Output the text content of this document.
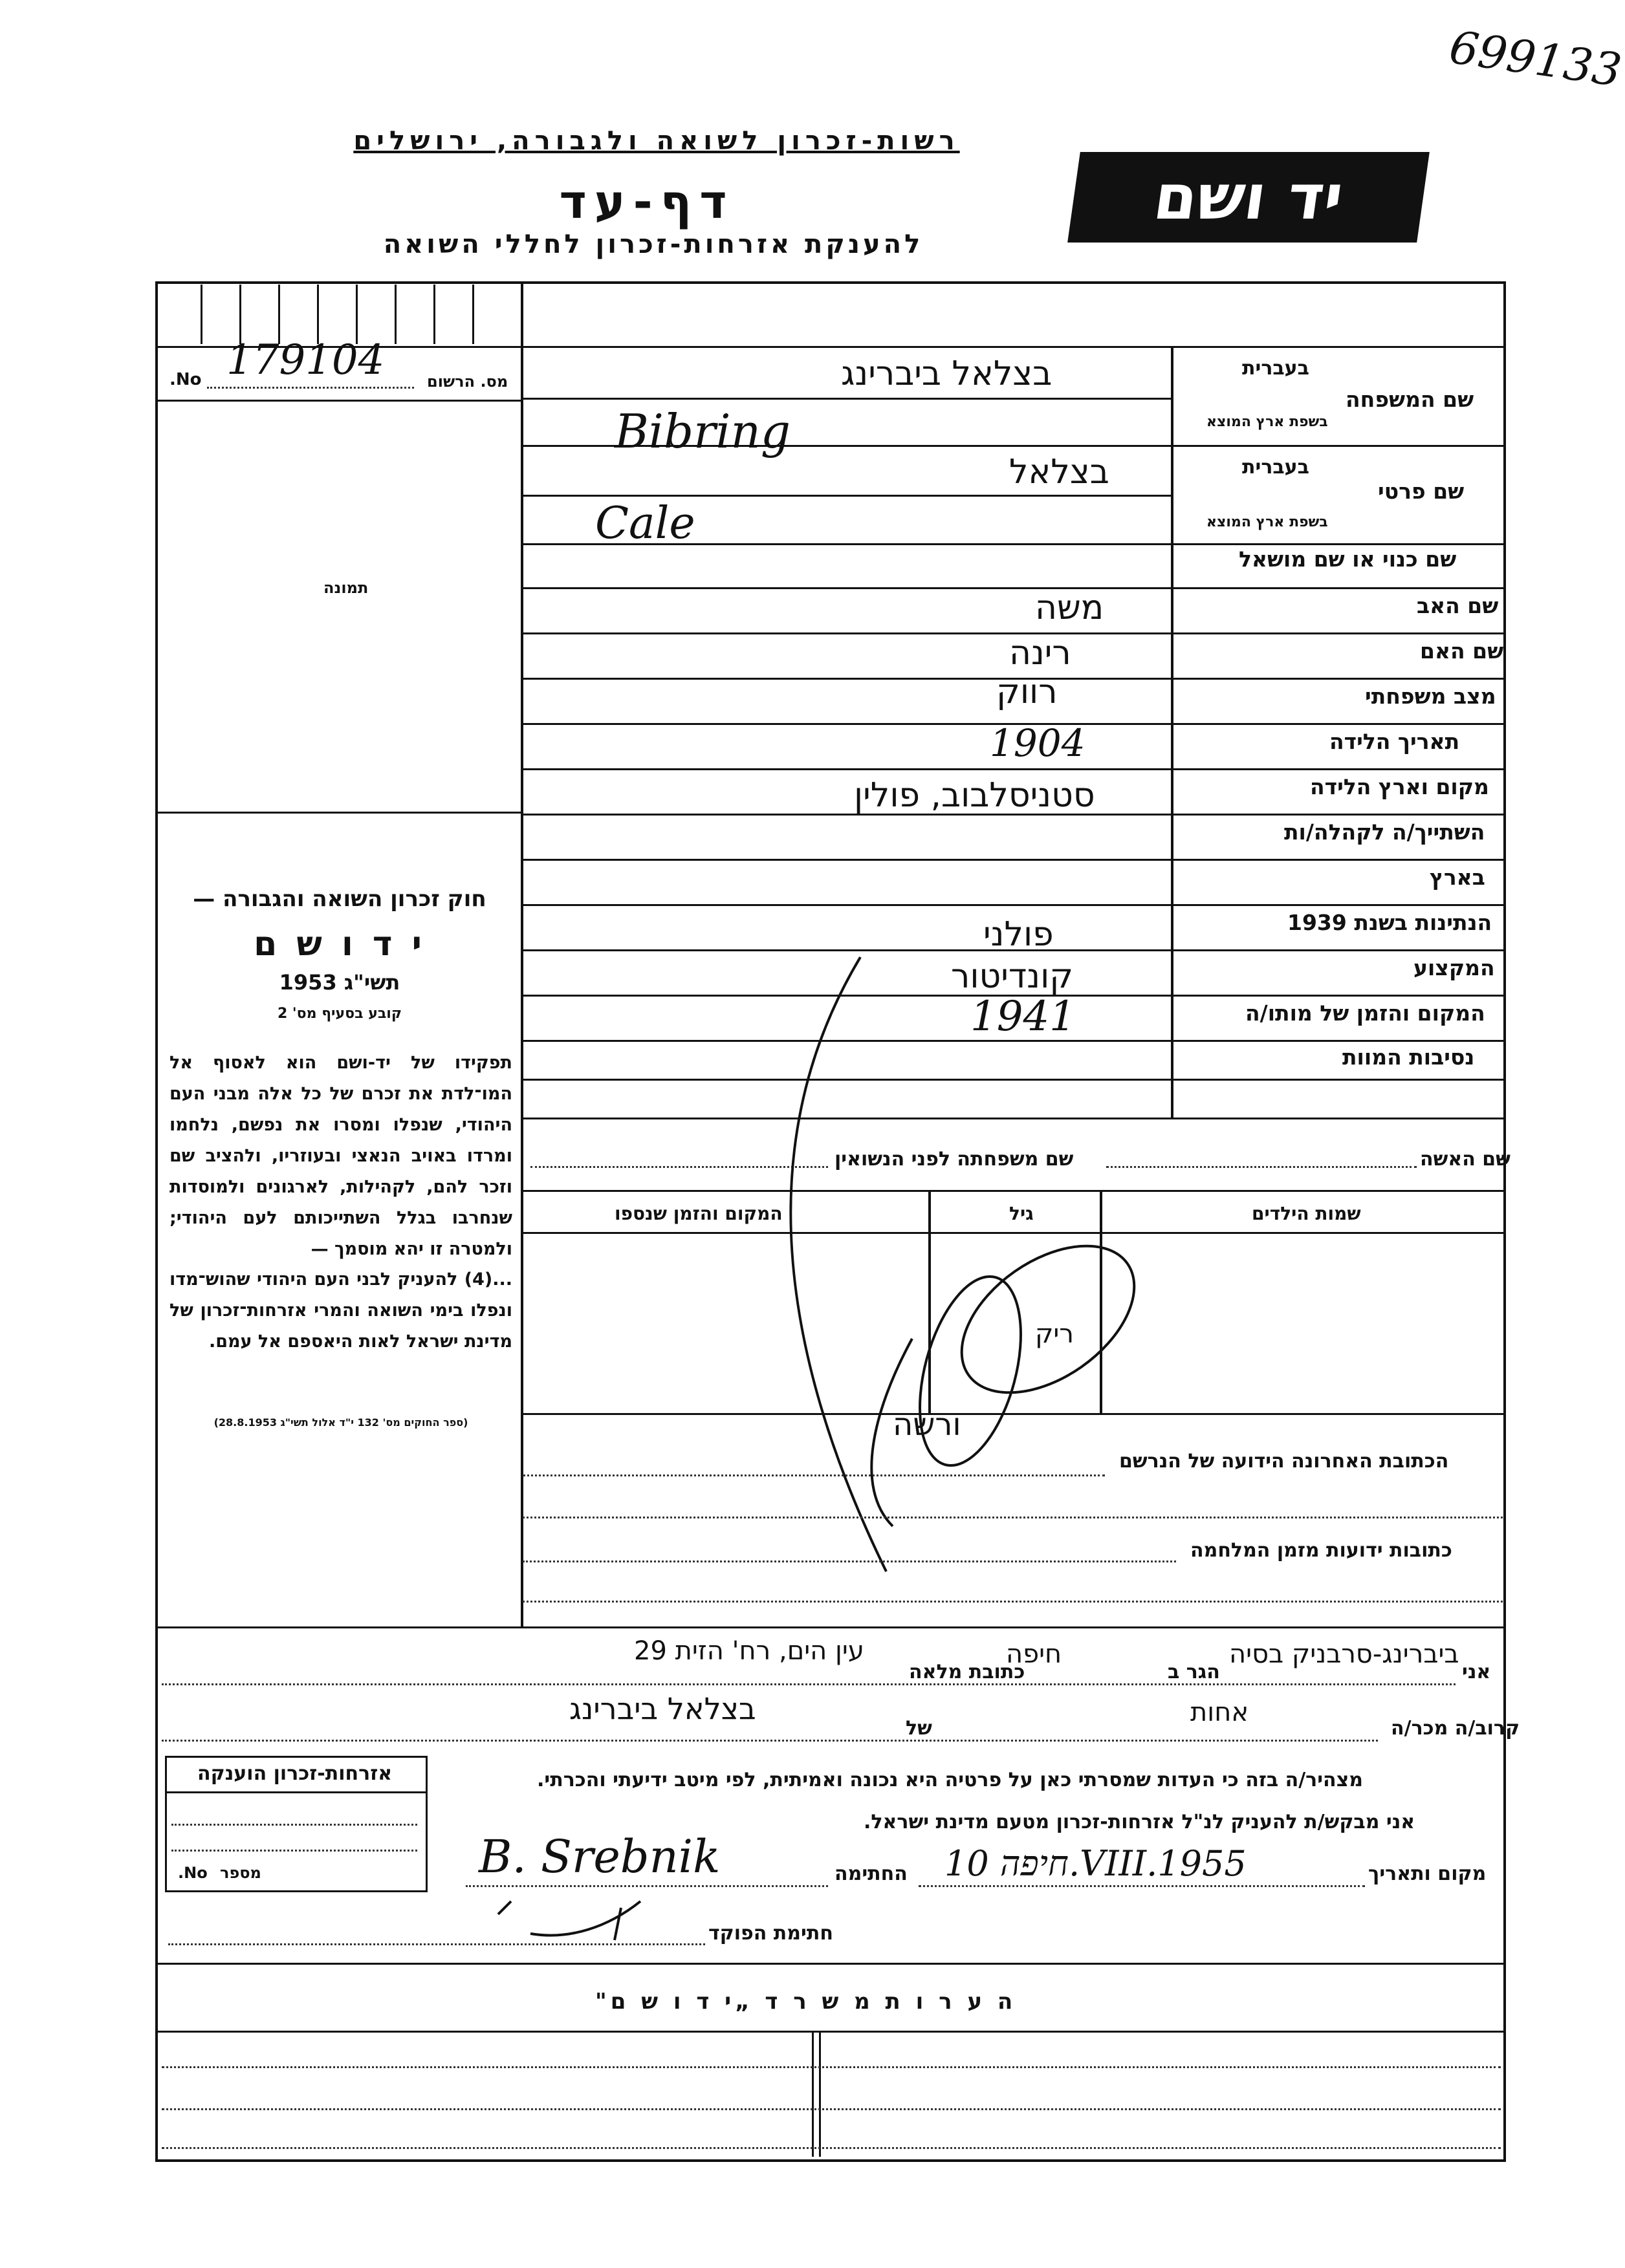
699133
רשות-זכרון לשואה ולגבורה, ירושלים
דף-עד
להענקת אזרחות-זכרון לחללי השואה
יד ושם
No. 179104	מס. הרשום
תמונה
חוק זכרון השואה והגבורה —
י ד ו ש ם
תשי"ג 1953
קובע בסעיף מס' 2
תפקידו של יד-ושם הוא לאסוף אל המו־לדת את זכרם של כל אלה מבני העם היהודי, שנפלו ומסרו את נפשם, נלחמו ומרדו באויב הנאצי ובעוזריו, ולהציב שם וזכר להם, לקהילות, לארגונים ולמוסדות שנחרבו בגלל השתייכותם לעם היהודי; ולמטרה זו יהא מוסמך —
...(4) להעניק לבני העם היהודי שהוש־מדו ונפלו בימי השואה והמרי אזרחות־זכרון של מדינת ישראל לאות היאספם אל עמם.
(ספר החוקים מס' 132 י"ד אלול תשי"ג 28.8.1953)
בעברית
שם המשפחה
בשפת ארץ המוצא
בצלאל ביברינג
Bibring
בעברית
שם פרטי
בשפת ארץ המוצא
בצלאל
Cale
שם כנוי או שם מושאל
שם האב
משה
שם האם
רינה
מצב משפחתי
רווק
תאריך הלידה
1904
מקום וארץ הלידה
סטניסלבוב, פולין
השתייך/ה לקהלה/ות
בארץ
הנתינות בשנת 1939
פולני
המקצוע
קונדיטור
המקום והזמן של מותו/ה
1941
נסיבות המוות
שם האשה
שם משפחתה לפני הנשואין
שמות הילדים
גיל
המקום והזמן שנספו
ריק
הכתובת האחרונה הידועה של הנרשם
ורשה
כתובות ידועות מזמן המלחמה
אני
ביברינג-סרבניק בסיה
הגר ב
חיפה
כתובת מלאה
עין הים, רח' הזית 29
קרוב/ה מכר/ה
אחות
של
בצלאל ביברינג
מצהיר/ה בזה כי העדות שמסרתי כאן על פרטיה היא נכונה ואמיתית, לפי מיטב ידיעתי והכרתי.
אני מבקש/ת להעניק לנ"ל אזרחות-זכרון מטעם מדינת ישראל.
מקום ותאריך
חיפה 10.VIII.1955
החתימה
B. Srebnik
חתימת הפוקד
אזרחות-זכרון הוענקה
No. מספר
ה ע ר ו ת מ ש ר ד „י ד ו ש ם"
